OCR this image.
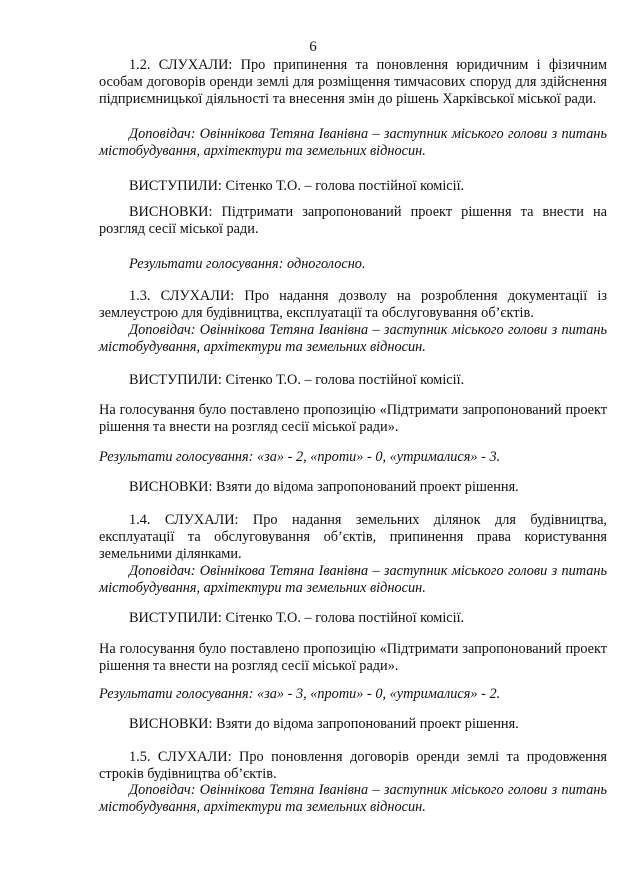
6

1.2. СЛУХАЛИ: Про припинення та поновлення юридичним і фізичним особам договорів оренди землі для розміщення тимчасових споруд для здійснення підприємницької діяльності та внесення змін до рішень Харківської міської ради.

Доповідач: Овіннікова Тетяна Іванівна – заступник міського голови з питань містобудування, архітектури та земельних відносин.

ВИСТУПИЛИ: Сітенко Т.О. – голова постійної комісії.

ВИСНОВКИ: Підтримати запропонований проект рішення та внести на розгляд сесії міської ради.

Результати голосування: одноголосно.

1.3. СЛУХАЛИ: Про надання дозволу на розроблення документації із землеустрою для будівництва, експлуатації та обслуговування об’єктів.

Доповідач: Овіннікова Тетяна Іванівна – заступник міського голови з питань містобудування, архітектури та земельних відносин.

ВИСТУПИЛИ: Сітенко Т.О. – голова постійної комісії.

На голосування було поставлено пропозицію «Підтримати запропонований проект рішення та внести на розгляд сесії міської ради».

Результати голосування: «за» - 2, «проти» - 0, «утрималися» - 3.

ВИСНОВКИ: Взяти до відома запропонований проект рішення.

1.4. СЛУХАЛИ: Про надання земельних ділянок для будівництва, експлуатації та обслуговування об’єктів, припинення права користування земельними ділянками.

Доповідач: Овіннікова Тетяна Іванівна – заступник міського голови з питань містобудування, архітектури та земельних відносин.

ВИСТУПИЛИ: Сітенко Т.О. – голова постійної комісії.

На голосування було поставлено пропозицію «Підтримати запропонований проект рішення та внести на розгляд сесії міської ради».

Результати голосування: «за» - 3, «проти» - 0, «утрималися» - 2.

ВИСНОВКИ: Взяти до відома запропонований проект рішення.

1.5. СЛУХАЛИ: Про поновлення договорів оренди землі та продовження строків будівництва об’єктів.

Доповідач: Овіннікова Тетяна Іванівна – заступник міського голови з питань містобудування, архітектури та земельних відносин.
